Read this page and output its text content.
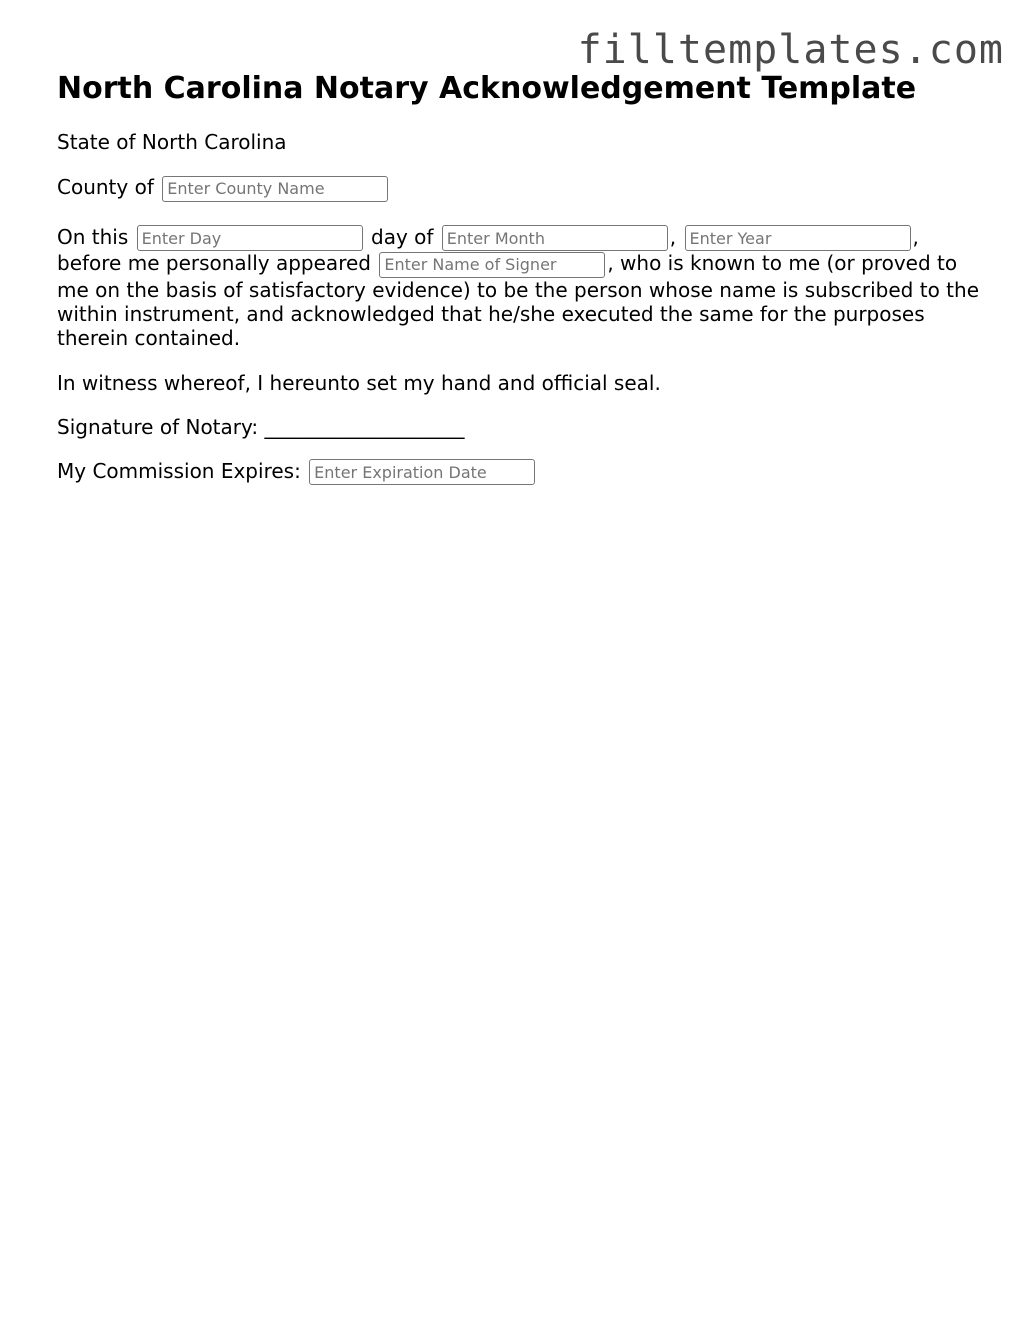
filltemplates.com
North Carolina Notary Acknowledgement Template

State of North Carolina

County of Enter County Name

On this Enter Day	day of Enter Month	, Enter Year	, before me personally appeared Enter Name of Signer	, who is known to me (or proved to me on the basis of satisfactory evidence) to be the person whose name is subscribed to the within instrument, and acknowledged that he/she executed the same for the purposes therein contained.

In witness whereof, I hereunto set my hand and official seal.

Signature of Notary: ____________________

My Commission Expires: Enter Expiration Date
